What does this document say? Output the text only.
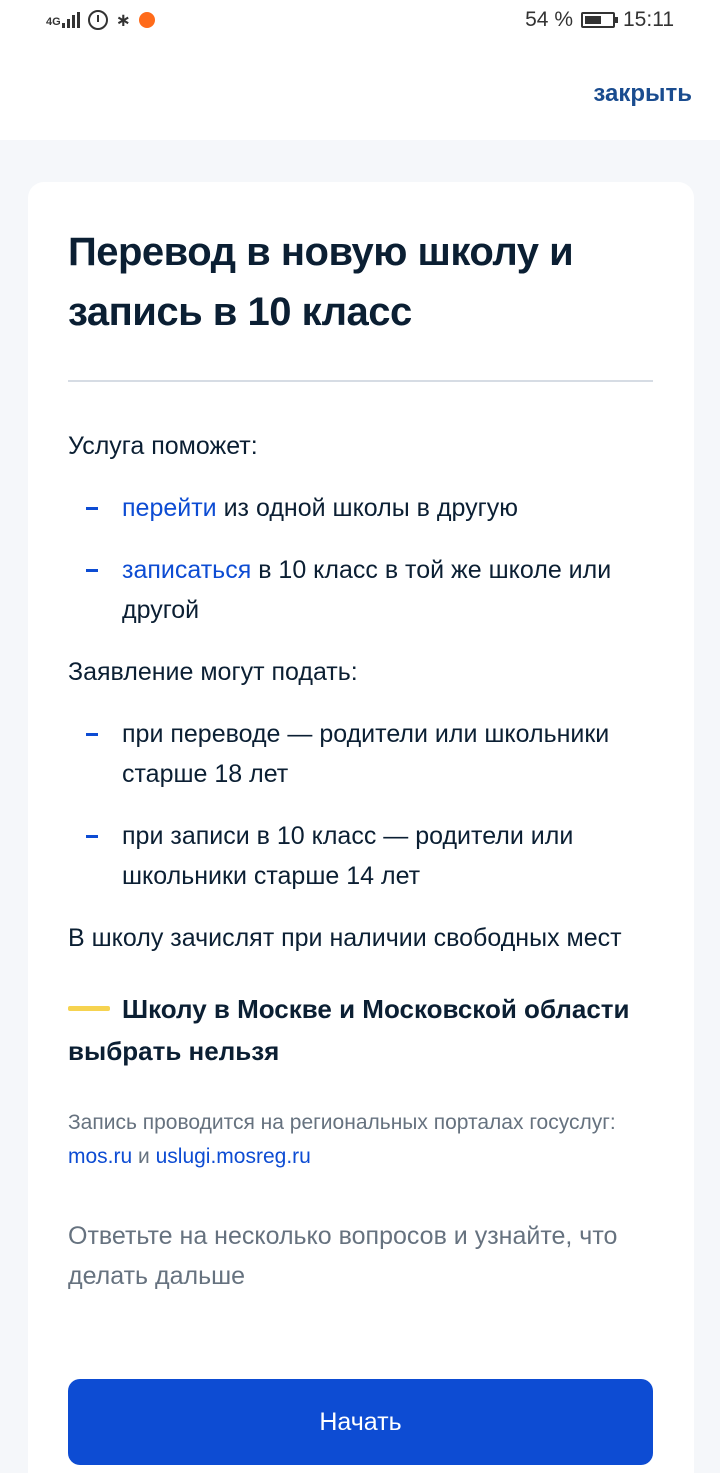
4G	∗	54 % 15:11
закрыть
Перевод в новую школу и запись в 10 класс
Услуга поможет:
перейти из одной школы в другую
записаться в 10 класс в той же школе или другой
Заявление могут подать:
при переводе — родители или школьники старше 18 лет
при записи в 10 класс — родители или школьники старше 14 лет
В школу зачислят при наличии свободных мест
Школу в Москве и Московской области выбрать нельзя
Запись проводится на региональных порталах госуслуг: mos.ru и uslugi.mosreg.ru
Ответьте на несколько вопросов и узнайте, что делать дальше
Начать
